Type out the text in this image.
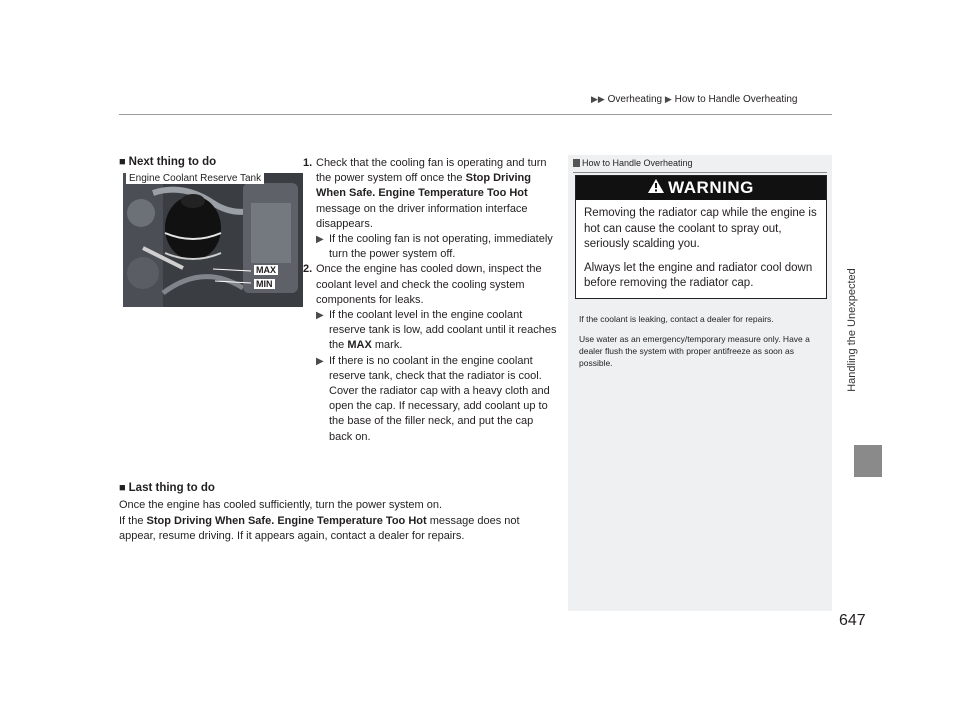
▶▶ Overheating ▶ How to Handle Overheating
Handling the Unexpected
647
■ Next thing to do
Engine Coolant Reserve Tank
MAX
MIN

1. Check that the cooling fan is operating and turn the power system off once the Stop Driving When Safe. Engine Temperature Too Hot message on the driver information interface disappears.

▶ If the cooling fan is not operating, immediately turn the power system off.

2. Once the engine has cooled down, inspect the coolant level and check the cooling system components for leaks.

▶ If the coolant level in the engine coolant reserve tank is low, add coolant until it reaches the MAX mark.

▶ If there is no coolant in the engine coolant reserve tank, check that the radiator is cool. Cover the radiator cap with a heavy cloth and open the cap. If necessary, add coolant up to the base of the filler neck, and put the cap back on.

■ Last thing to do

Once the engine has cooled sufficiently, turn the power system on.

If the Stop Driving When Safe. Engine Temperature Too Hot message does not appear, resume driving. If it appears again, contact a dealer for repairs.

How to Handle Overheating
WARNING

Removing the radiator cap while the engine is hot can cause the coolant to spray out, seriously scalding you.

Always let the engine and radiator cool down before removing the radiator cap.

If the coolant is leaking, contact a dealer for repairs.

Use water as an emergency/temporary measure only. Have a dealer flush the system with proper antifreeze as soon as possible.
